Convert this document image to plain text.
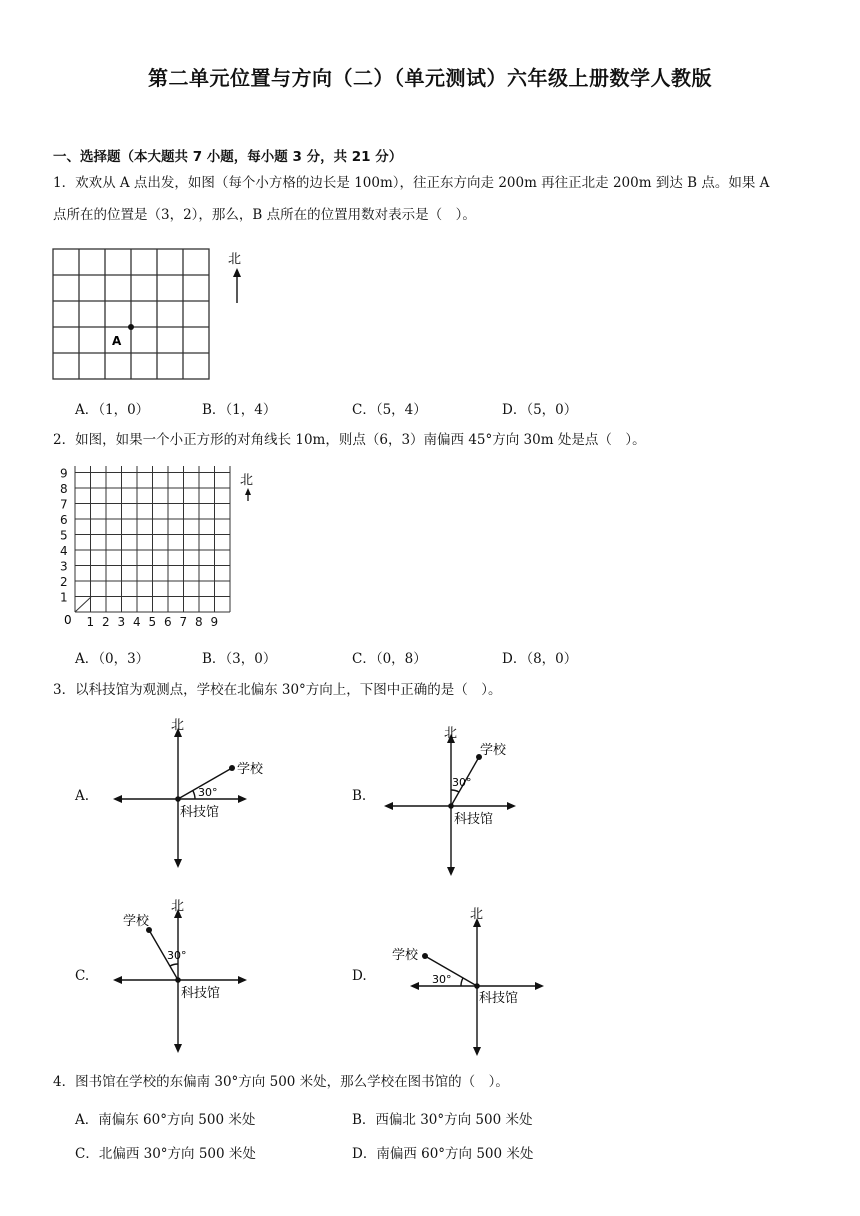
第二单元位置与方向（二）（单元测试）六年级上册数学人教版
一、选择题（本大题共 7 小题，每小题 3 分，共 21 分）
1．欢欢从 A 点出发，如图（每个小方格的边长是 100m），往正东方向走 200m 再往正北走 200m 到达 B 点。如果 A
点所在的位置是（3，2），那么，B 点所在的位置用数对表示是（　）。
A
北
A．（1，0）	B．（1，4）	C．（5，4）	D．（5，0）
2．如图，如果一个小正方形的对角线长 10m，则点（6，3）南偏西 45°方向 30m 处是点（　）。
9
8
7
6
5
4
3
2
1
1 2 3 4 5 6 7 8 9
0
北
A．（0，3）	B．（3，0）	C．（0，8）	D．（8，0）
3．以科技馆为观测点，学校在北偏东 30°方向上，下图中正确的是（　）。
A.
北
学校
30°
科技馆
B.
北
学校
30°
科技馆
C.
北
学校
30°
科技馆
D.
北
学校
30°
科技馆
4．图书馆在学校的东偏南 30°方向 500 米处，那么学校在图书馆的（　）。
A．南偏东 60°方向 500 米处	B．西偏北 30°方向 500 米处
C．北偏西 30°方向 500 米处	D．南偏西 60°方向 500 米处
